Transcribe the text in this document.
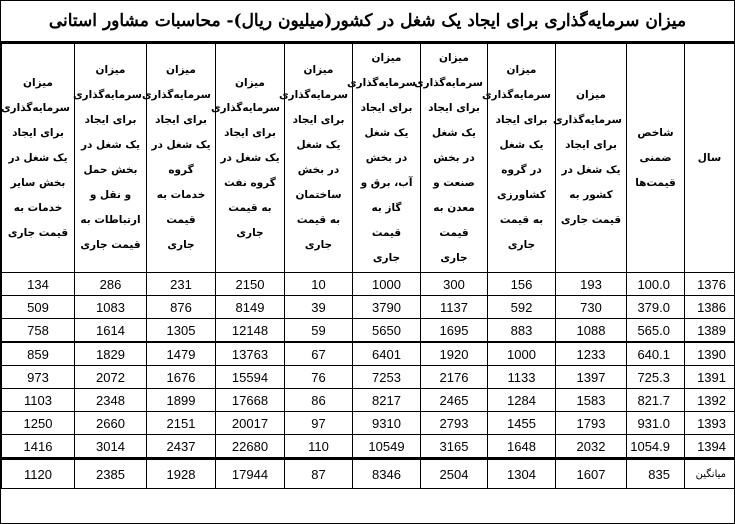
میزان سرمایه‌گذاری برای ایجاد یک شغل در کشور(میلیون ریال)- محاسبات مشاور استانی
سال	شاخص ضمنی قیمت‌ها	میزان سرمایه‌گذاری برای ایجاد یک شغل در کشور به قیمت جاری	میزان سرمایه‌گذاری برای ایجاد یک شغل در گروه کشاورزی به قیمت جاری	میزان سرمایه‌گذاری برای ایجاد یک شغل در بخش صنعت و معدن به قیمت جاری	میزان سرمایه‌گذاری برای ایجاد یک شغل در بخش آب، برق و گاز به قیمت جاری	میزان سرمایه‌گذاری برای ایجاد یک شغل در بخش ساختمان به قیمت جاری	میزان سرمایه‌گذاری برای ایجاد یک شغل در گروه نفت به قیمت جاری	میزان سرمایه‌گذاری برای ایجاد یک شغل در گروه خدمات به قیمت جاری	میزان سرمایه‌گذاری برای ایجاد یک شغل در بخش حمل و نقل و ارتباطات به قیمت جاری	میزان سرمایه‌گذاری برای ایجاد یک شغل در بخش سایر خدمات به قیمت جاری

1376	100.0	193	156	300	1000	10	2150	231	286	134
1386	379.0	730	592	1137	3790	39	8149	876	1083	509
1389	565.0	1088	883	1695	5650	59	12148	1305	1614	758
1390	640.1	1233	1000	1920	6401	67	13763	1479	1829	859
1391	725.3	1397	1133	2176	7253	76	15594	1676	2072	973
1392	821.7	1583	1284	2465	8217	86	17668	1899	2348	1103
1393	931.0	1793	1455	2793	9310	97	20017	2151	2660	1250
1394	1054.9	2032	1648	3165	10549	110	22680	2437	3014	1416
میانگین	835	1607	1304	2504	8346	87	17944	1928	2385	1120
